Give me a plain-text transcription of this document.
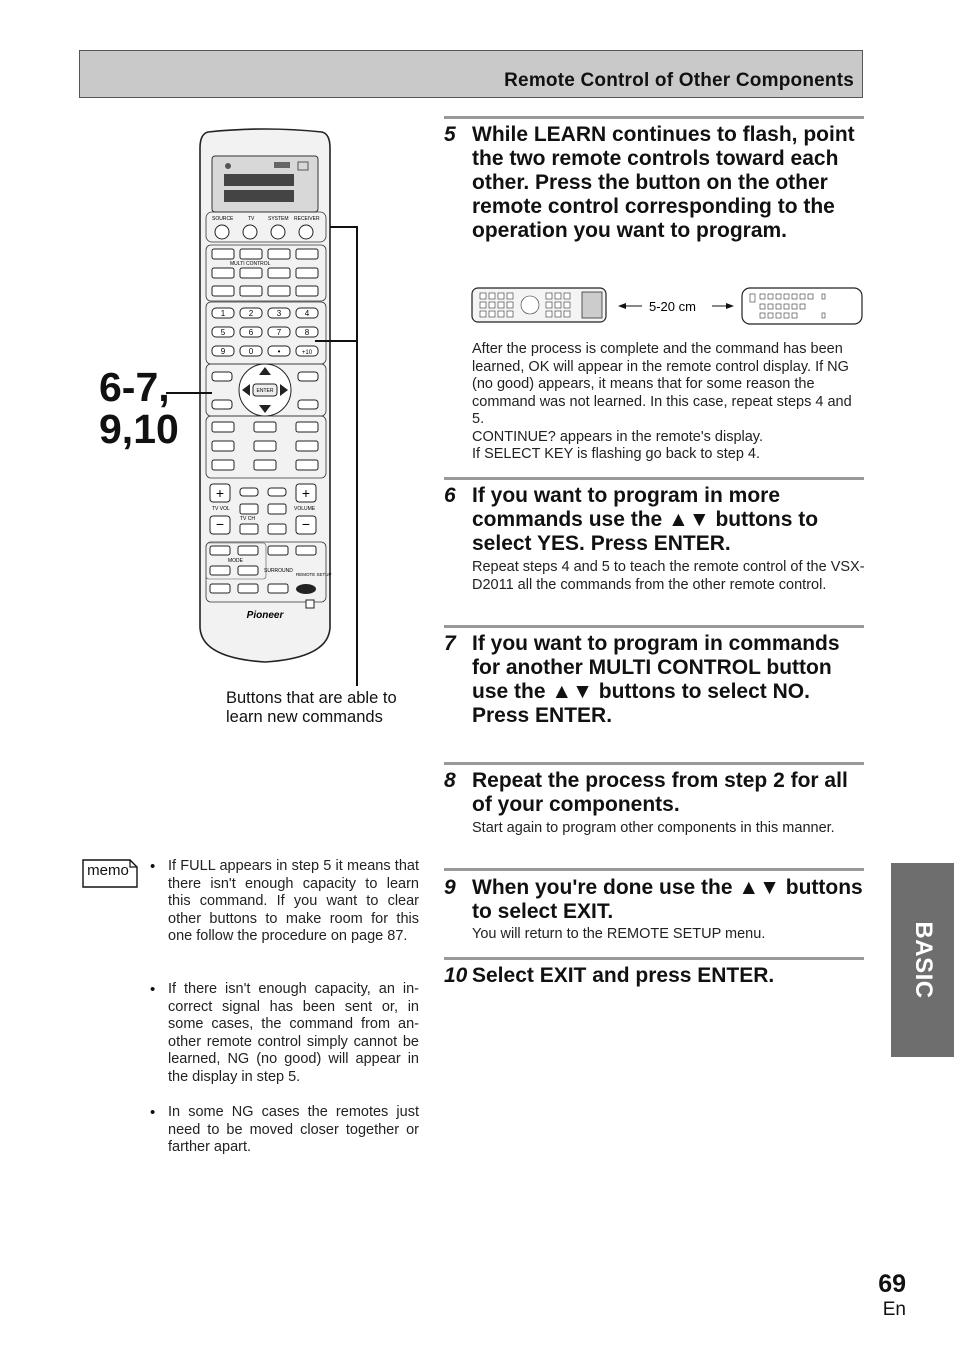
Remote Control of Other Components
BASIC
SOURCE	TV	SYSTEM RECEIVER
MULTI CONTROL
1	2	3	4
5	6	7	8
9	0	•	+10
ENTER
+
−
TV VOL
TV CH
+
−
VOLUME
MODE
SURROUND
REMOTE SETUP
Pioneer
6-7,
9,10
Buttons that are able to learn new commands
5 While LEARN continues to flash, point the two remote controls toward each other. Press the button on the other remote control corresponding to the operation you want to program.
5-20 cm
After the process is complete and the command has been learned, OK will appear in the remote control display. If NG (no good) appears, it means that for some reason the command was not learned. In this case, repeat steps 4 and 5.
CONTINUE? appears in the remote's display.
If SELECT KEY is flashing go back to step 4.
6 If you want to program in more commands use the ▲▼ buttons to select YES. Press ENTER.
Repeat steps 4 and 5 to teach the remote control of the VSX-D2011 all the commands from the other remote control.
7 If you want to program in commands for another MULTI CONTROL button use the ▲▼ buttons to select NO. Press ENTER.
8 Repeat the process from step 2 for all of your components.
Start again to program other components in this manner.
9 When you're done use the ▲▼ buttons to select EXIT.
You will return to the REMOTE SETUP menu.
10 Select EXIT and press ENTER.
memo	• If FULL appears in step 5 it means that there isn't enough capacity to learn this command. If you want to clear other buttons to make room for this one follow the procedure on page 87.
• If there isn't enough capacity, an in-correct signal has been sent or, in some cases, the command from an-other remote control simply cannot be learned, NG (no good) will appear in the display in step 5.
• In some NG cases the remotes just need to be moved closer together or farther apart.
69
En
